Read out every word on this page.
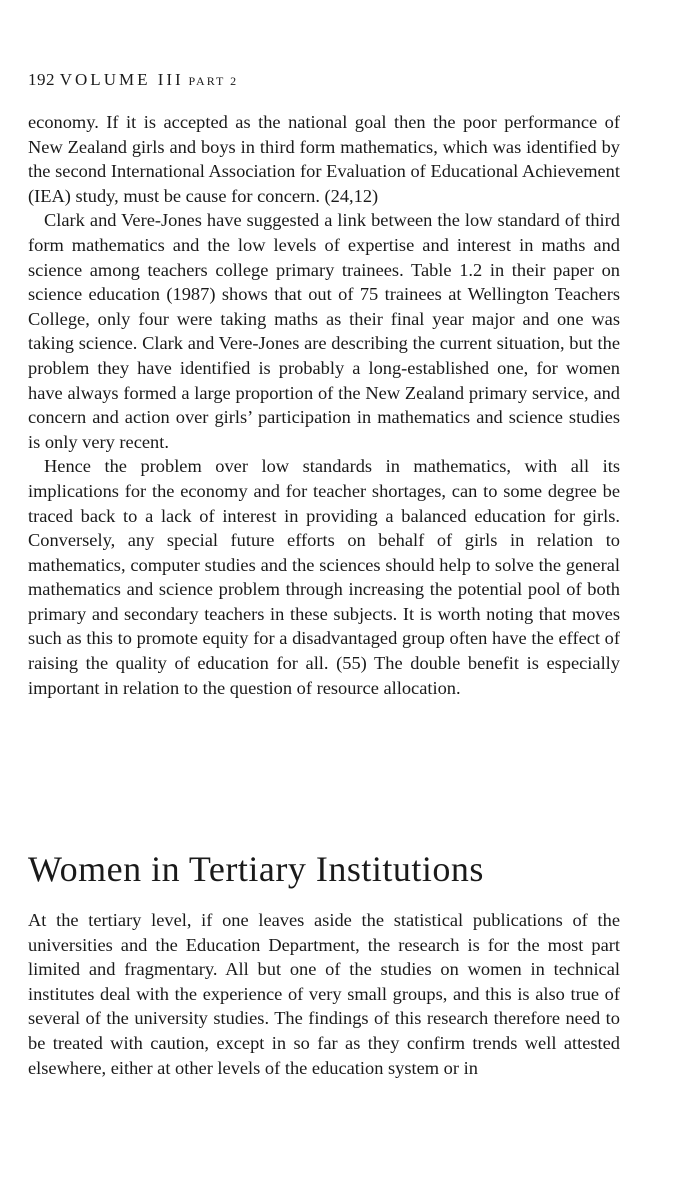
192 VOLUME III PART 2

economy. If it is accepted as the national goal then the poor performance of New Zealand girls and boys in third form mathematics, which was identified by the second International Association for Evaluation of Educational Achievement (IEA) study, must be cause for concern. (24,12)

Clark and Vere-Jones have suggested a link between the low standard of third form mathematics and the low levels of expertise and interest in maths and science among teachers college primary trainees. Table 1.2 in their paper on science education (1987) shows that out of 75 trainees at Wellington Teachers College, only four were taking maths as their final year major and one was taking science. Clark and Vere-Jones are describing the current situation, but the problem they have identified is probably a long-established one, for women have always formed a large proportion of the New Zealand primary service, and concern and action over girls’ participation in mathematics and science studies is only very recent.

Hence the problem over low standards in mathematics, with all its implications for the economy and for teacher shortages, can to some degree be traced back to a lack of interest in providing a balanced education for girls. Conversely, any special future efforts on behalf of girls in relation to mathematics, computer studies and the sciences should help to solve the general mathematics and science problem through increasing the potential pool of both primary and secondary teachers in these subjects. It is worth noting that moves such as this to promote equity for a disadvantaged group often have the effect of raising the quality of education for all. (55) The double benefit is especially important in relation to the question of resource allocation.

Women in Tertiary Institutions

At the tertiary level, if one leaves aside the statistical publications of the universities and the Education Department, the research is for the most part limited and fragmentary. All but one of the studies on women in technical institutes deal with the experience of very small groups, and this is also true of several of the university studies. The findings of this research therefore need to be treated with caution, except in so far as they confirm trends well attested elsewhere, either at other levels of the education system or in
